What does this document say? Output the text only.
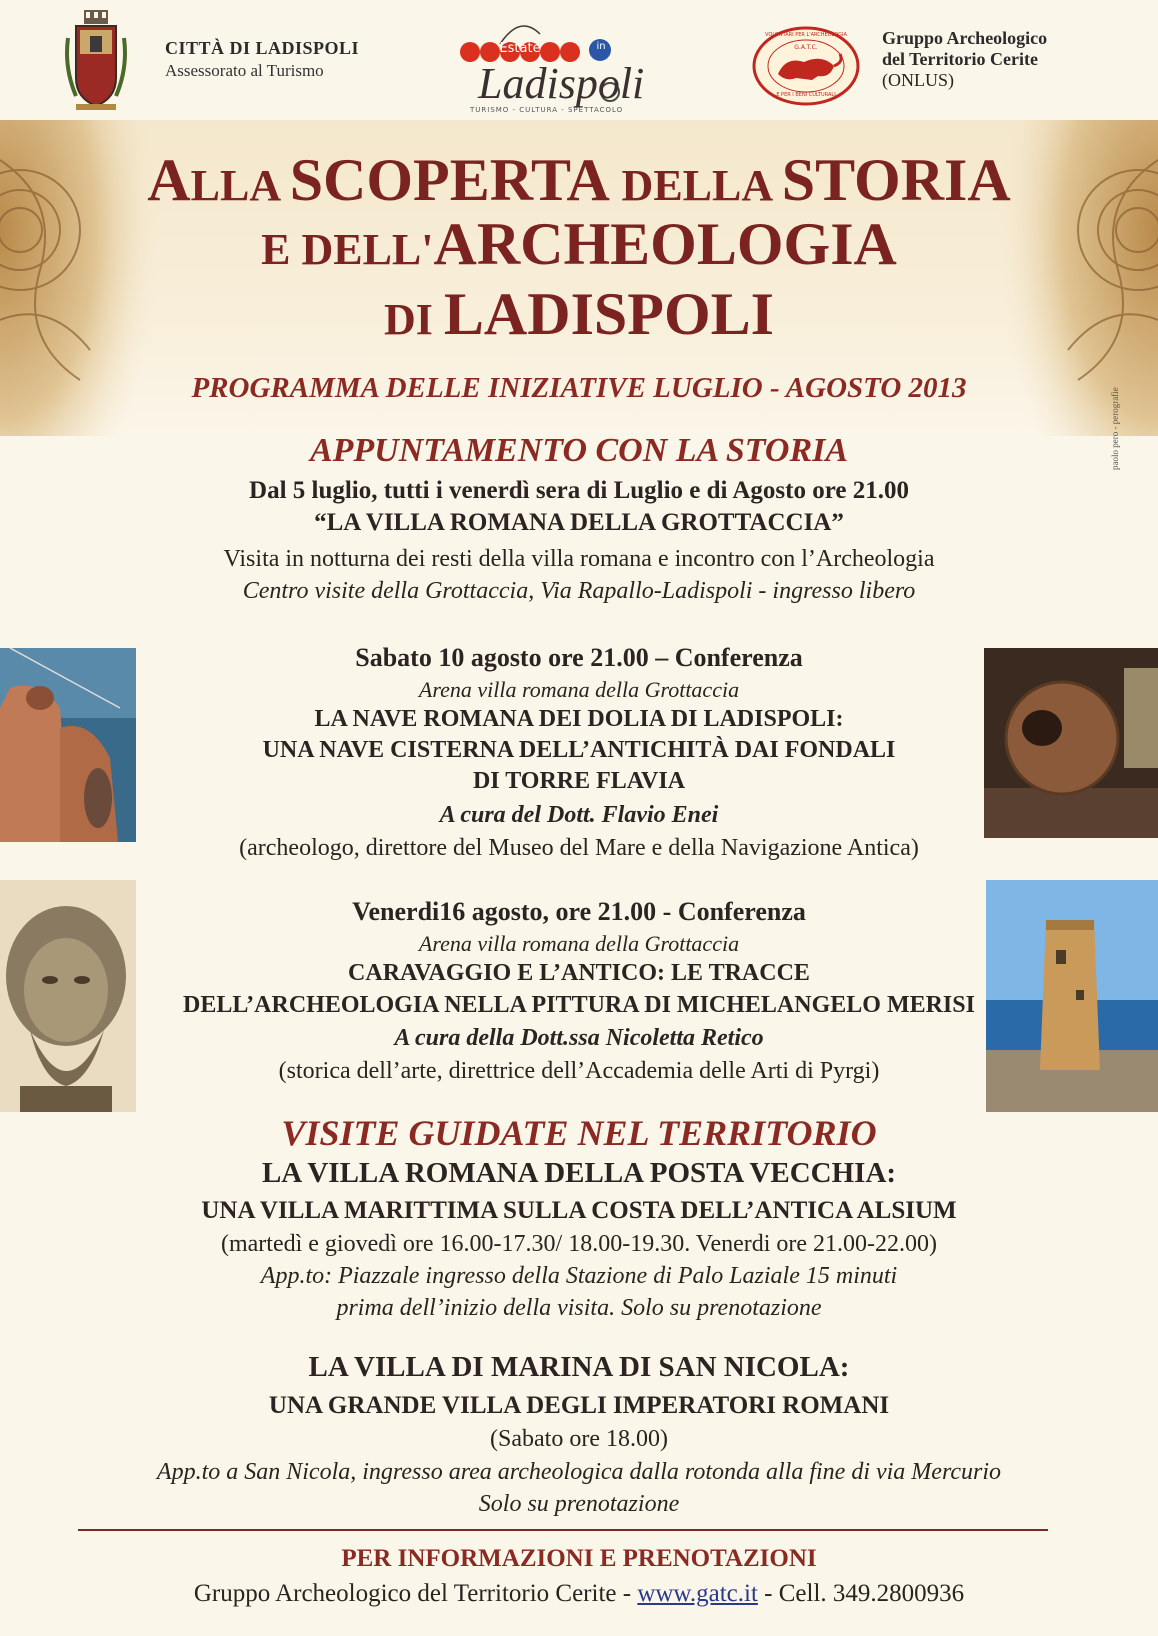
CITTÀ DI LADISPOLI
Assessorato al Turismo
Estate	in
Ladispoli
TURISMO - CULTURA - SPETTACOLO
G.A.T.C.
VOLONTARI PER L'ARCHEOLOGIA
E PER I BENI CULTURALI
Gruppo Archeologico
del Territorio Cerite
(ONLUS)
ALLA SCOPERTA DELLA STORIA
E DELL'ARCHEOLOGIA
DI LADISPOLI
PROGRAMMA DELLE INIZIATIVE LUGLIO - AGOSTO 2013
APPUNTAMENTO CON LA STORIA
Dal 5 luglio, tutti i venerdì sera di Luglio e di Agosto ore 21.00
“LA VILLA ROMANA DELLA GROTTACCIA”
Visita in notturna dei resti della villa romana e incontro con l’Archeologia
Centro visite della Grottaccia, Via Rapallo-Ladispoli - ingresso libero
Sabato 10 agosto ore 21.00 – Conferenza
Arena villa romana della Grottaccia
LA NAVE ROMANA DEI DOLIA DI LADISPOLI:
UNA NAVE CISTERNA DELL’ANTICHITÀ DAI FONDALI
DI TORRE FLAVIA
A cura del Dott. Flavio Enei
(archeologo, direttore del Museo del Mare e della Navigazione Antica)
Venerdi16 agosto, ore 21.00 - Conferenza
Arena villa romana della Grottaccia
CARAVAGGIO E L’ANTICO: LE TRACCE
DELL’ARCHEOLOGIA NELLA PITTURA DI MICHELANGELO MERISI
A cura della Dott.ssa Nicoletta Retico
(storica dell’arte, direttrice dell’Accademia delle Arti di Pyrgi)
VISITE GUIDATE NEL TERRITORIO
LA VILLA ROMANA DELLA POSTA VECCHIA:
UNA VILLA MARITTIMA SULLA COSTA DELL’ANTICA ALSIUM
(martedì e giovedì ore 16.00-17.30/ 18.00-19.30. Venerdi ore 21.00-22.00)
App.to: Piazzale ingresso della Stazione di Palo Laziale 15 minuti
prima dell’inizio della visita. Solo su prenotazione
LA VILLA DI MARINA DI SAN NICOLA:
UNA GRANDE VILLA DEGLI IMPERATORI ROMANI
(Sabato ore 18.00)
App.to a San Nicola, ingresso area archeologica dalla rotonda alla fine di via Mercurio
Solo su prenotazione
PER INFORMAZIONI E PRENOTAZIONI
Gruppo Archeologico del Territorio Cerite - www.gatc.it - Cell. 349.2800936
paolo pero - perografie
